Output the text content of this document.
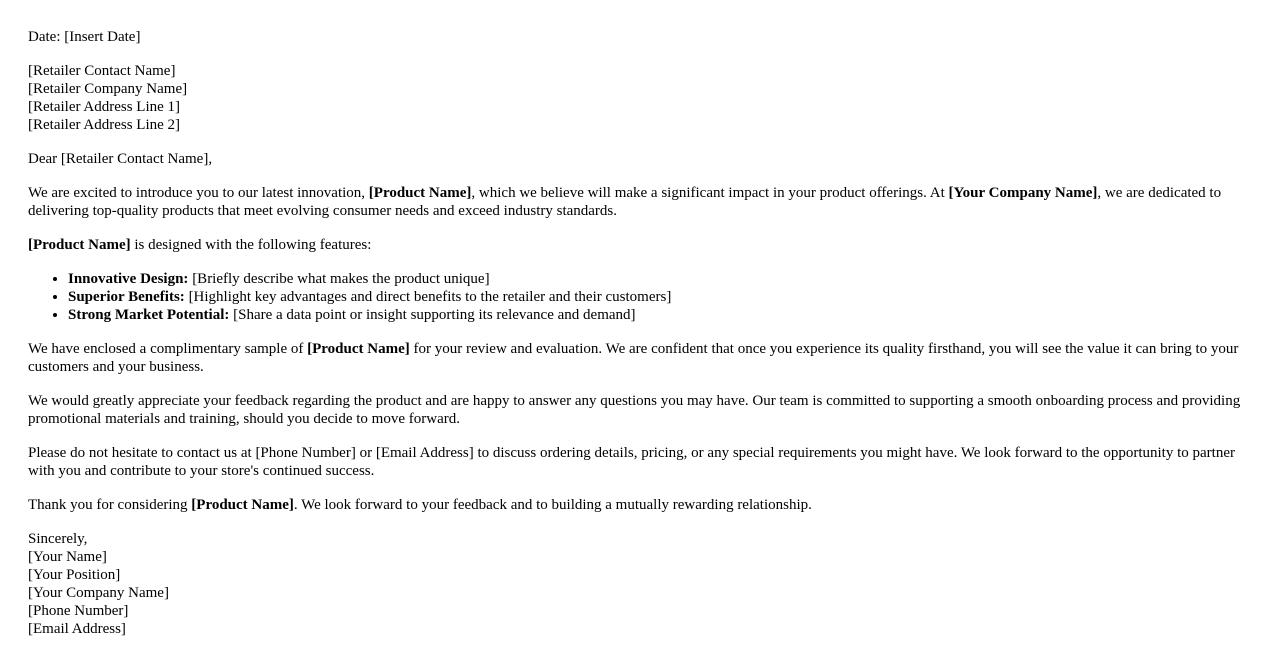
Date: [Insert Date]

[Retailer Contact Name]
[Retailer Company Name]
[Retailer Address Line 1]
[Retailer Address Line 2]

Dear [Retailer Contact Name],

We are excited to introduce you to our latest innovation, [Product Name], which we believe will make a significant impact in your product offerings. At [Your Company Name], we are dedicated to delivering top-quality products that meet evolving consumer needs and exceed industry standards.

[Product Name] is designed with the following features:

• Innovative Design: [Briefly describe what makes the product unique]
• Superior Benefits: [Highlight key advantages and direct benefits to the retailer and their customers]
• Strong Market Potential: [Share a data point or insight supporting its relevance and demand]

We have enclosed a complimentary sample of [Product Name] for your review and evaluation. We are confident that once you experience its quality firsthand, you will see the value it can bring to your customers and your business.

We would greatly appreciate your feedback regarding the product and are happy to answer any questions you may have. Our team is committed to supporting a smooth onboarding process and providing promotional materials and training, should you decide to move forward.

Please do not hesitate to contact us at [Phone Number] or [Email Address] to discuss ordering details, pricing, or any special requirements you might have. We look forward to the opportunity to partner with you and contribute to your store's continued success.

Thank you for considering [Product Name]. We look forward to your feedback and to building a mutually rewarding relationship.

Sincerely,
[Your Name]
[Your Position]
[Your Company Name]
[Phone Number]
[Email Address]
